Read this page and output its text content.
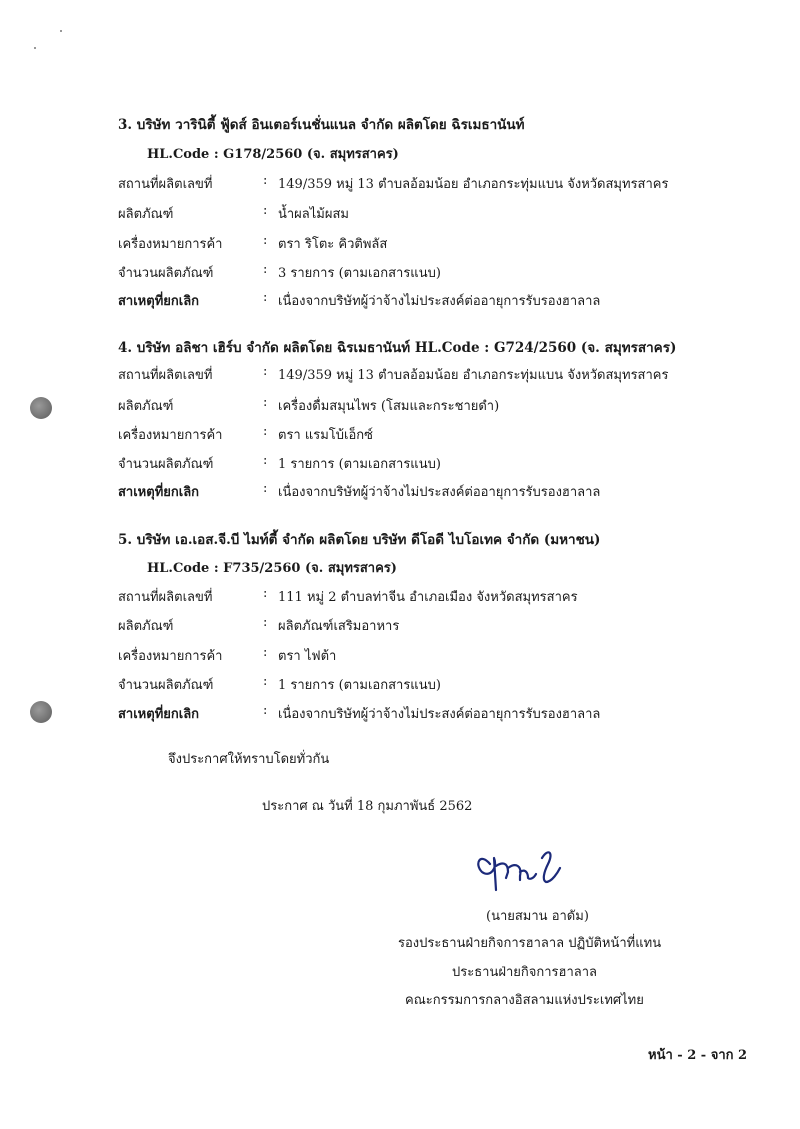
3. บริษัท วารินิตี้ ฟู้ดส์ อินเตอร์เนชั่นแนล จำกัด ผลิตโดย ฉิรเมธานันท์
HL.Code : G178/2560 (จ. สมุทรสาคร)
สถานที่ผลิตเลขที่	: 149/359 หมู่ 13 ตำบลอ้อมน้อย อำเภอกระทุ่มแบน จังหวัดสมุทรสาคร
ผลิตภัณฑ์	: น้ำผลไม้ผสม
เครื่องหมายการค้า	: ตรา ริโตะ คิวติพลัส
จำนวนผลิตภัณฑ์	: 3 รายการ (ตามเอกสารแนบ)
สาเหตุที่ยกเลิก	: เนื่องจากบริษัทผู้ว่าจ้างไม่ประสงค์ต่ออายุการรับรองฮาลาล
4. บริษัท อลิชา เฮิร์บ จำกัด ผลิตโดย ฉิรเมธานันท์ HL.Code : G724/2560 (จ. สมุทรสาคร)
สถานที่ผลิตเลขที่	: 149/359 หมู่ 13 ตำบลอ้อมน้อย อำเภอกระทุ่มแบน จังหวัดสมุทรสาคร
ผลิตภัณฑ์	: เครื่องดื่มสมุนไพร (โสมและกระชายดำ)
เครื่องหมายการค้า	: ตรา แรมโบ้เอ็กซ์
จำนวนผลิตภัณฑ์	: 1 รายการ (ตามเอกสารแนบ)
สาเหตุที่ยกเลิก	: เนื่องจากบริษัทผู้ว่าจ้างไม่ประสงค์ต่ออายุการรับรองฮาลาล
5. บริษัท เอ.เอส.จี.บี ไมท์ตี้ จำกัด ผลิตโดย บริษัท ดีโอดี ไบโอเทค จำกัด (มหาชน)
HL.Code : F735/2560 (จ. สมุทรสาคร)
สถานที่ผลิตเลขที่	: 111 หมู่ 2 ตำบลท่าจีน อำเภอเมือง จังหวัดสมุทรสาคร
ผลิตภัณฑ์	: ผลิตภัณฑ์เสริมอาหาร
เครื่องหมายการค้า	: ตรา ไฟต้า
จำนวนผลิตภัณฑ์	: 1 รายการ (ตามเอกสารแนบ)
สาเหตุที่ยกเลิก	: เนื่องจากบริษัทผู้ว่าจ้างไม่ประสงค์ต่ออายุการรับรองฮาลาล
จึงประกาศให้ทราบโดยทั่วกัน
ประกาศ ณ วันที่ 18 กุมภาพันธ์ 2562
(นายสมาน อาดัม)
รองประธานฝ่ายกิจการฮาลาล ปฏิบัติหน้าที่แทน
ประธานฝ่ายกิจการฮาลาล
คณะกรรมการกลางอิสลามแห่งประเทศไทย
หน้า - 2 - จาก 2
